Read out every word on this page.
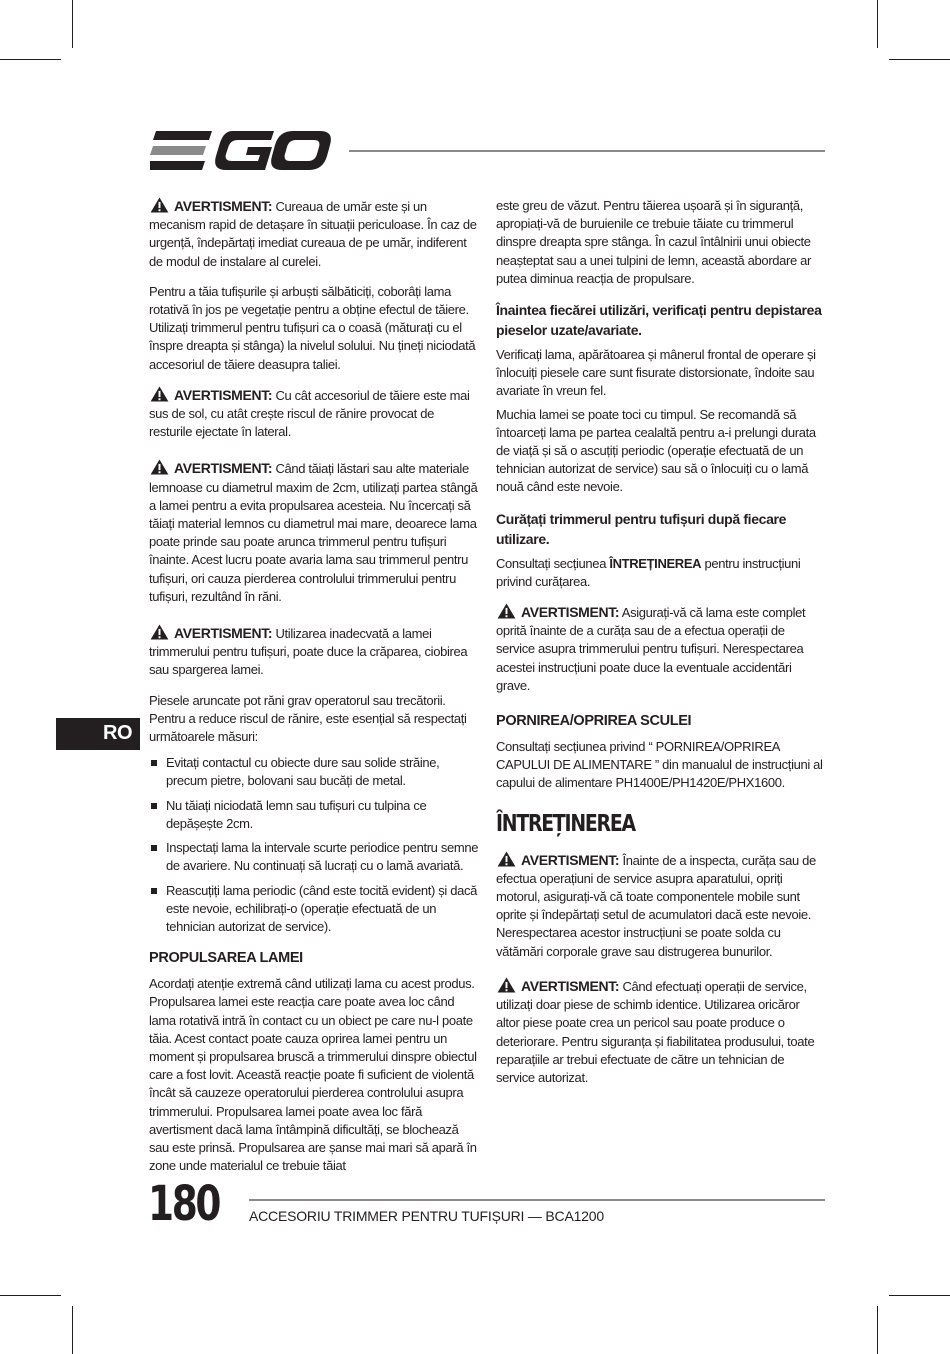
AVERTISMENT: Cureaua de umăr este și un mecanism rapid de detașare în situații periculoase. În caz de urgență, îndepărtați imediat cureaua de pe umăr, indiferent de modul de instalare al curelei.

Pentru a tăia tufișurile și arbuști sălbăticiți, coborâți lama rotativă în jos pe vegetație pentru a obține efectul de tăiere. Utilizați trimmerul pentru tufișuri ca o coasă (măturați cu el înspre dreapta și stânga) la nivelul solului. Nu țineți niciodată accesoriul de tăiere deasupra taliei.

AVERTISMENT: Cu cât accesoriul de tăiere este mai sus de sol, cu atât crește riscul de rănire provocat de resturile ejectate în lateral.

AVERTISMENT: Când tăiați lăstari sau alte materiale lemnoase cu diametrul maxim de 2cm, utilizați partea stângă a lamei pentru a evita propulsarea acesteia. Nu încercați să tăiați material lemnos cu diametrul mai mare, deoarece lama poate prinde sau poate arunca trimmerul pentru tufișuri înainte. Acest lucru poate avaria lama sau trimmerul pentru tufișuri, ori cauza pierderea controlului trimmerului pentru tufișuri, rezultând în răni.

AVERTISMENT: Utilizarea inadecvată a lamei trimmerului pentru tufișuri, poate duce la crăparea, ciobirea sau spargerea lamei.

Piesele aruncate pot răni grav operatorul sau trecătorii. Pentru a reduce riscul de rănire, este esențial să respectați următoarele măsuri:

Evitați contactul cu obiecte dure sau solide străine, precum pietre, bolovani sau bucăți de metal.
Nu tăiați niciodată lemn sau tufișuri cu tulpina ce depășește 2cm.
Inspectați lama la intervale scurte periodice pentru semne de avariere. Nu continuați să lucrați cu o lamă avariată.
Reascuțiți lama periodic (când este tocită evident) și dacă este nevoie, echilibrați-o (operație efectuată de un tehnician autorizat de service).
PROPULSAREA LAMEI

Acordați atenție extremă când utilizați lama cu acest produs. Propulsarea lamei este reacția care poate avea loc când lama rotativă intră în contact cu un obiect pe care nu-l poate tăia. Acest contact poate cauza oprirea lamei pentru un moment și propulsarea bruscă a trimmerului dinspre obiectul care a fost lovit. Această reacție poate fi suficient de violentă încât să cauzeze operatorului pierderea controlului asupra trimmerului. Propulsarea lamei poate avea loc fără avertisment dacă lama întâmpină dificultăți, se blochează sau este prinsă. Propulsarea are șanse mai mari să apară în zone unde materialul ce trebuie tăiat

este greu de văzut. Pentru tăierea ușoară și în siguranță, apropiați-vă de buruienile ce trebuie tăiate cu trimmerul dinspre dreapta spre stânga. În cazul întâlnirii unui obiecte neașteptat sau a unei tulpini de lemn, această abordare ar putea diminua reacția de propulsare.

Înaintea fiecărei utilizări, verificați pentru depistarea pieselor uzate/avariate.

Verificați lama, apărătoarea și mânerul frontal de operare și înlocuiți piesele care sunt fisurate distorsionate, îndoite sau avariate în vreun fel.

Muchia lamei se poate toci cu timpul. Se recomandă să întoarceți lama pe partea cealaltă pentru a-i prelungi durata de viață și să o ascuțiți periodic (operație efectuată de un tehnician autorizat de service) sau să o înlocuiți cu o lamă nouă când este nevoie.

Curățați trimmerul pentru tufișuri după fiecare utilizare.

Consultați secțiunea ÎNTREȚINEREA pentru instrucțiuni privind curățarea.

AVERTISMENT: Asigurați-vă că lama este complet oprită înainte de a curăța sau de a efectua operații de service asupra trimmerului pentru tufișuri. Nerespectarea acestei instrucțiuni poate duce la eventuale accidentări grave.

PORNIREA/OPRIREA SCULEI

Consultați secțiunea privind “ PORNIREA/OPRIREA CAPULUI DE ALIMENTARE ” din manualul de instrucțiuni al capului de alimentare PH1400E/PH1420E/PHX1600.

ÎNTREȚINEREA

AVERTISMENT: Înainte de a inspecta, curăța sau de efectua operațiuni de service asupra aparatului, opriți motorul, asigurați-vă că toate componentele mobile sunt oprite și îndepărtați setul de acumulatori dacă este nevoie. Nerespectarea acestor instrucțiuni se poate solda cu vătămări corporale grave sau distrugerea bunurilor.

AVERTISMENT: Când efectuați operații de service, utilizați doar piese de schimb identice. Utilizarea oricăror altor piese poate crea un pericol sau poate produce o deteriorare. Pentru siguranța și fiabilitatea produsului, toate reparațiile ar trebui efectuate de către un tehnician de service autorizat.

RO
180 ACCESORIU TRIMMER PENTRU TUFIȘURI — BCA1200
